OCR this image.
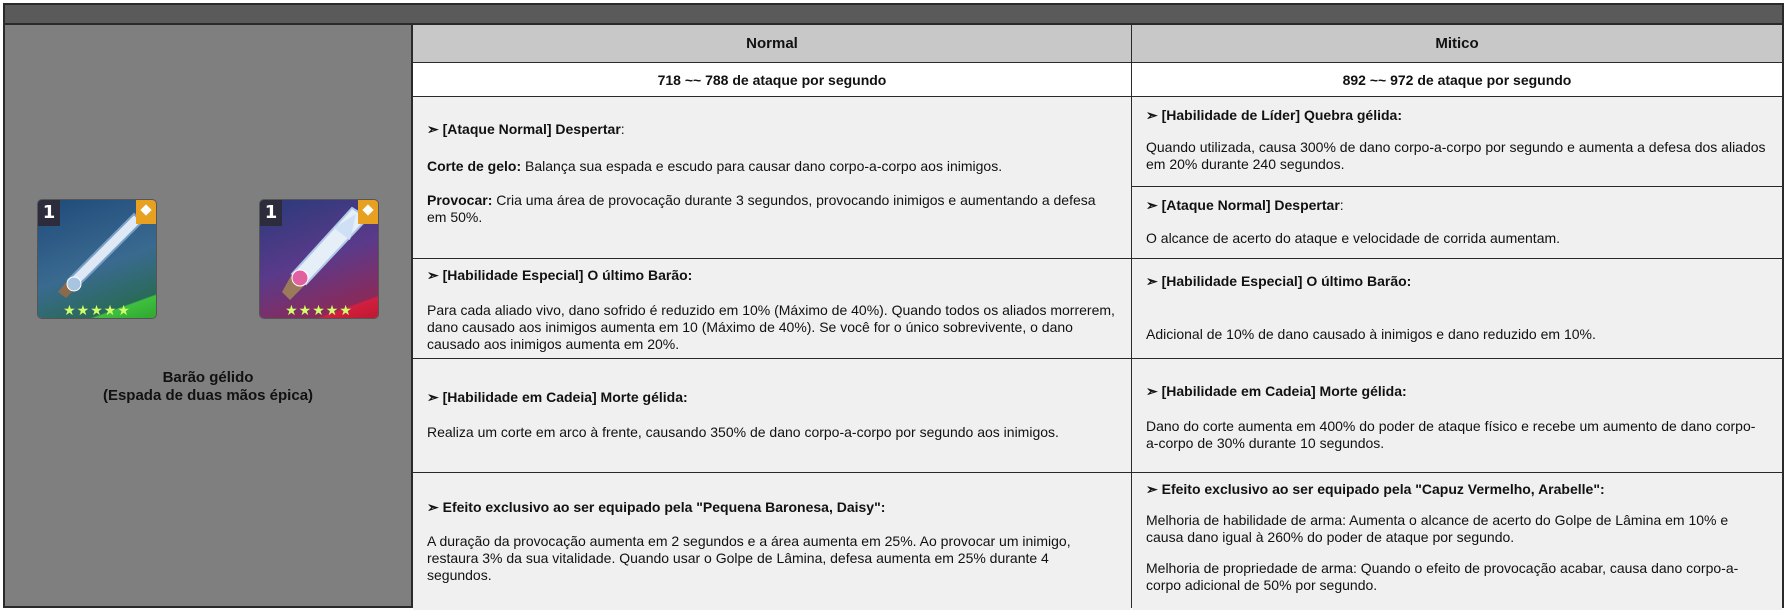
1
★★★★★
1
★★★★★
Barão gélido
(Espada de duas mãos épica)
Normal	Mitico
718 ~~ 788 de ataque por segundo	892 ~~ 972 de ataque por segundo

➣ [Ataque Normal] Despertar:

Corte de gelo: Balança sua espada e escudo para causar dano corpo-a-corpo aos inimigos.

Provocar: Cria uma área de provocação durante 3 segundos, provocando inimigos e aumentando a defesa em 50%.

➣ [Habilidade Especial] O último Barão:

Para cada aliado vivo, dano sofrido é reduzido em 10% (Máximo de 40%). Quando todos os aliados morrerem, dano causado aos inimigos aumenta em 10 (Máximo de 40%). Se você for o único sobrevivente, o dano causado aos inimigos aumenta em 20%.

➣ [Habilidade em Cadeia] Morte gélida:

Realiza um corte em arco à frente, causando 350% de dano corpo-a-corpo por segundo aos inimigos.

➣ Efeito exclusivo ao ser equipado pela "Pequena Baronesa, Daisy":

A duração da provocação aumenta em 2 segundos e a área aumenta em 25%. Ao provocar um inimigo, restaura 3% da sua vitalidade. Quando usar o Golpe de Lâmina, defesa aumenta em 25% durante 4 segundos.

➣ [Habilidade de Líder] Quebra gélida:

Quando utilizada, causa 300% de dano corpo-a-corpo por segundo e aumenta a defesa dos aliados em 20% durante 240 segundos.

➣ [Ataque Normal] Despertar:

O alcance de acerto do ataque e velocidade de corrida aumentam.

➣ [Habilidade Especial] O último Barão:

Adicional de 10% de dano causado à inimigos e dano reduzido em 10%.

➣ [Habilidade em Cadeia] Morte gélida:

Dano do corte aumenta em 400% do poder de ataque físico e recebe um aumento de dano corpo-a-corpo de 30% durante 10 segundos.

➣ Efeito exclusivo ao ser equipado pela "Capuz Vermelho, Arabelle":

Melhoria de habilidade de arma: Aumenta o alcance de acerto do Golpe de Lâmina em 10% e causa dano igual à 260% do poder de ataque por segundo.

Melhoria de propriedade de arma: Quando o efeito de provocação acabar, causa dano corpo-a-corpo adicional de 50% por segundo.
